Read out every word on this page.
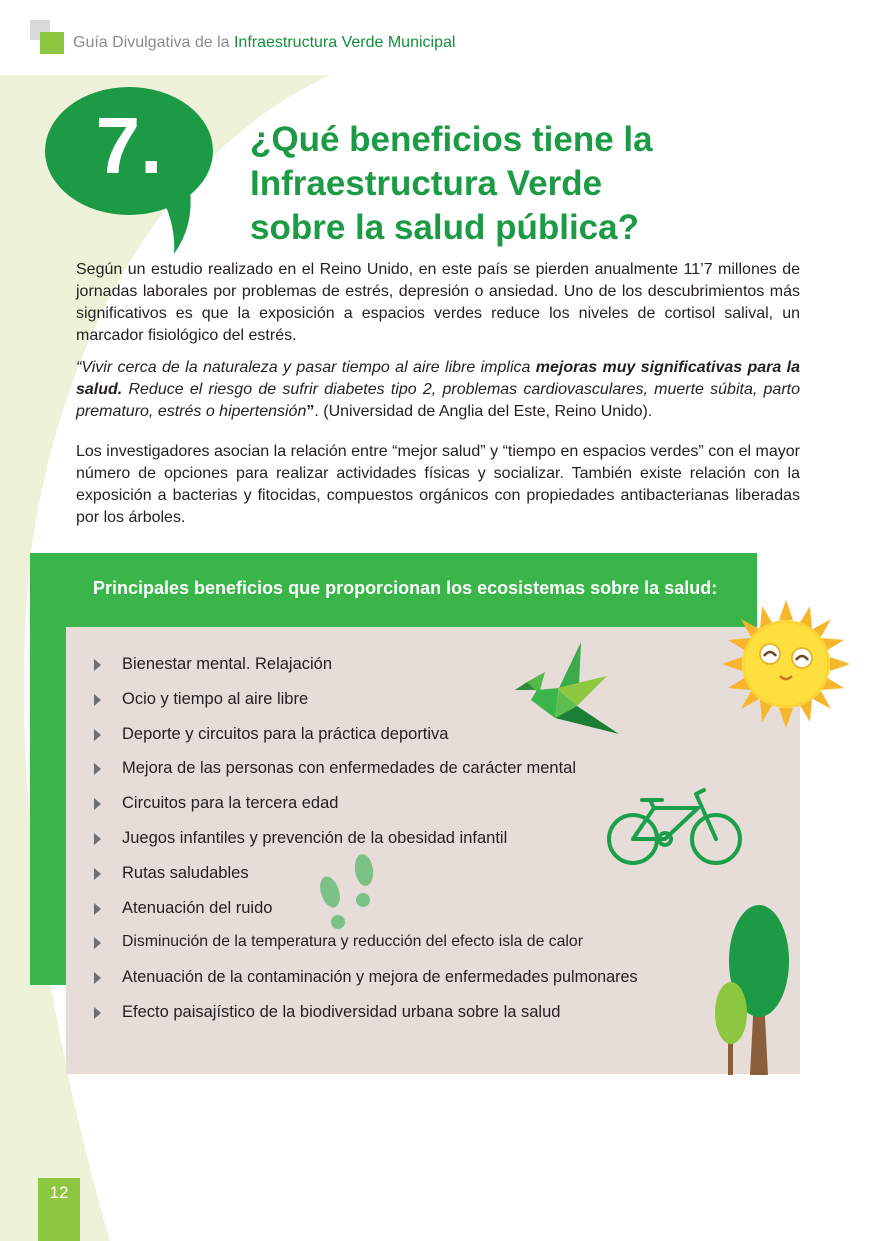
Guía Divulgativa de la Infraestructura Verde Municipal
7.	¿Qué beneficios tiene la
Infraestructura Verde
sobre la salud pública?

Según un estudio realizado en el Reino Unido, en este país se pierden anualmente 11’7 millones de jornadas laborales por problemas de estrés, depresión o ansiedad. Uno de los descubrimientos más significativos es que la exposición a espacios verdes reduce los niveles de cortisol salival, un marcador fisiológico del estrés.

“Vivir cerca de la naturaleza y pasar tiempo al aire libre implica mejoras muy significativas para la salud. Reduce el riesgo de sufrir diabetes tipo 2, problemas cardiovasculares, muerte súbita, parto prematuro, estrés o hipertensión”. (Universidad de Anglia del Este, Reino Unido).

Los investigadores asocian la relación entre “mejor salud” y “tiempo en espacios verdes” con el mayor número de opciones para realizar actividades físicas y socializar. También existe relación con la exposición a bacterias y fitocidas, compuestos orgánicos con propiedades antibacterianas liberadas por los árboles.

Principales beneficios que proporcionan los ecosistemas sobre la salud:
Bienestar mental. Relajación
Ocio y tiempo al aire libre
Deporte y circuitos para la práctica deportiva
Mejora de las personas con enfermedades de carácter mental
Circuitos para la tercera edad
Juegos infantiles y prevención de la obesidad infantil
Rutas saludables
Atenuación del ruido
Disminución de la temperatura y reducción del efecto isla de calor
Atenuación de la contaminación y mejora de enfermedades pulmonares
Efecto paisajístico de la biodiversidad urbana sobre la salud
12
